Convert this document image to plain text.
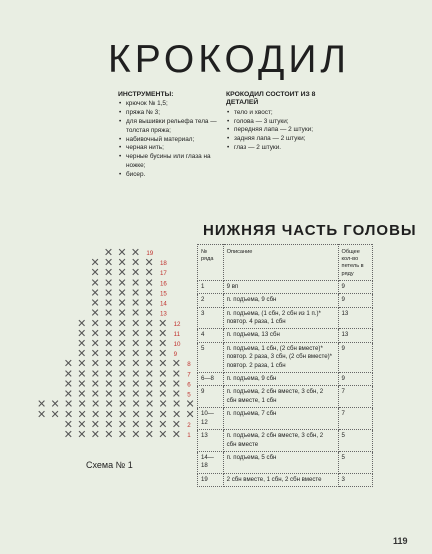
КРОКОДИЛ
ИНСТРУМЕНТЫ:
• крючок № 1,5;
• пряжа № 3;
• для вышивки рельефа тела — толстая пряжа;
• набивочный материал;
• черная нить;
• черные бусины или глаза на ножке;
• бисер.
КРОКОДИЛ СОСТОИТ ИЗ 8 ДЕТАЛЕЙ
• тело и хвост;
• голова — 3 штуки;
• передняя лапа — 2 штуки;
• задняя лапа — 2 штуки;
• глаз — 2 штуки.
НИЖНЯЯ ЧАСТЬ ГОЛОВЫ
№ ряда	Описание	Общее кол-во петель в ряду
1	9 вп	9
2	п. подъема, 9 сбн	9
3	п. подъема, (1 сбн, 2 сбн из 1 п.)* повтор. 4 раза, 1 сбн	13
4	п. подъема, 13 сбн	13
5	п. подъема, 1 сбн, (2 сбн вместе)* повтор. 2 раза, 3 сбн, (2 сбн вместе)* повтор. 2 раза, 1 сбн	9
6—8	п. подъема, 9 сбн	9
9	п. подъема, 2 сбн вместе, 3 сбн, 2 сбн вместе, 1 сбн	7
10—12	п. подъема, 7 сбн	7
13	п. подъема, 2 сбн вместе, 3 сбн, 2 сбн вместе	5
14—18	п. подъема, 5 сбн	5
19	2 сбн вместе, 1 сбн, 2 сбн вместе	3
✕ ✕ ✕ 19
✕ ✕ ✕ ✕ ✕ 18
✕ ✕ ✕ ✕ ✕ 17
✕ ✕ ✕ ✕ ✕ 16
✕ ✕ ✕ ✕ ✕ 15
✕ ✕ ✕ ✕ ✕ 14
✕ ✕ ✕ ✕ ✕ 13
✕ ✕ ✕ ✕ ✕ ✕ ✕ 12
✕ ✕ ✕ ✕ ✕ ✕ ✕ 11
✕ ✕ ✕ ✕ ✕ ✕ ✕ 10
✕ ✕ ✕ ✕ ✕ ✕ ✕ 9
✕ ✕ ✕ ✕ ✕ ✕ ✕ ✕ ✕ 8
✕ ✕ ✕ ✕ ✕ ✕ ✕ ✕ ✕ 7
✕ ✕ ✕ ✕ ✕ ✕ ✕ ✕ ✕ 6
✕ ✕ ✕ ✕ ✕ ✕ ✕ ✕ ✕ 5
✕ ✕ ✕ ✕ ✕ ✕ ✕ ✕ ✕ ✕ ✕ ✕
✕ ✕ ✕ ✕ ✕ ✕ ✕ ✕ ✕ ✕ ✕ ✕
✕ ✕ ✕ ✕ ✕ ✕ ✕ ✕ ✕ 2
✕ ✕ ✕ ✕ ✕ ✕ ✕ ✕ ✕ 1

Схема № 1

119
